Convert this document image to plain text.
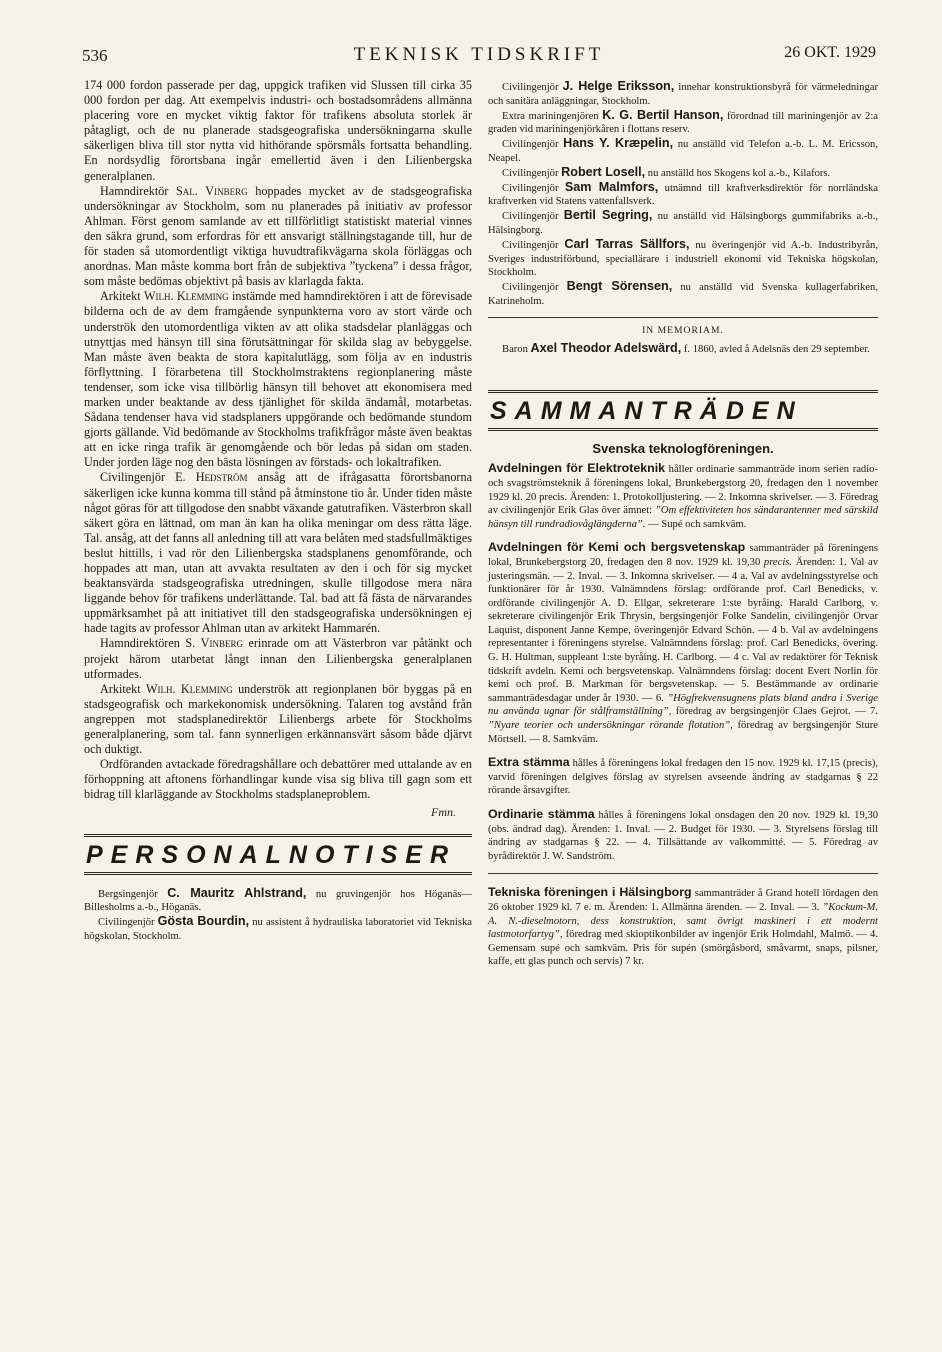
536	TEKNISK TIDSKRIFT	26 OKT. 1929

174 000 fordon passerade per dag, uppgick trafiken vid Slussen till cirka 35 000 fordon per dag. Att exempelvis industri- och bostadsområdens allmänna placering vore en mycket viktig faktor för trafikens absoluta storlek är påtagligt, och de nu planerade stadsgeografiska undersökningarna skulle säkerligen bliva till stor nytta vid hithörande spörsmåls fortsatta behandling. En nordsydlig förortsbana ingår emellertid även i den Lilienbergska generalplanen.

Hamndirektör Sal. Vinberg hoppades mycket av de stadsgeografiska undersökningar av Stockholm, som nu planerades på initiativ av professor Ahlman. Först genom samlande av ett tillförlitligt statistiskt material vinnes den säkra grund, som erfordras för ett ansvarigt ställningstagande till, hur de för staden så utomordentligt viktiga huvudtrafikvägarna skola förläggas och anordnas. Man måste komma bort från de subjektiva ”tyckena” i dessa frågor, som måste bedömas objektivt på basis av klarlagda fakta.

Arkitekt Wilh. Klemming instämde med hamndirektören i att de förevisade bilderna och de av dem framgående synpunkterna voro av stort värde och underströk den utomordentliga vikten av att olika stadsdelar planläggas och utnyttjas med hänsyn till sina förutsättningar för skilda slag av bebyggelse. Man måste även beakta de stora kapitalutlägg, som följa av en industris förflyttning. I förarbetena till Stockholmstraktens regionplanering måste tendenser, som icke visa tillbörlig hänsyn till behovet att ekonomisera med marken under beaktande av dess tjänlighet för skilda ändamål, motarbetas. Sådana tendenser hava vid stadsplaners uppgörande och bedömande stundom gjorts gällande. Vid bedömande av Stockholms trafikfrågor måste även beaktas att en icke ringa trafik är genomgående och bör ledas på sidan om staden. Under jorden läge nog den bästa lösningen av förstads- och lokaltrafiken.

Civilingenjör E. Hedström ansåg att de ifrågasatta förortsbanorna säkerligen icke kunna komma till stånd på åtminstone tio år. Under tiden måste något göras för att tillgodose den snabbt växande gatutrafiken. Västerbron skall säkert göra en lättnad, om man än kan ha olika meningar om dess rätta läge. Tal. ansåg, att det fanns all anledning till att vara belåten med stadsfullmäktiges beslut hittills, i vad rör den Lilienbergska stadsplanens genomförande, och hoppades att man, utan att avvakta resultaten av den i och för sig mycket beaktansvärda stadsgeografiska utredningen, skulle tillgodose mera nära liggande behov för trafikens underlättande. Tal. bad att få fästa de närvarandes uppmärksamhet på att initiativet till den stadsgeografiska undersökningen ej hade tagits av professor Ahlman utan av arkitekt Hammarén.

Hamndirektören S. Vinberg erinrade om att Västerbron var påtänkt och projekt härom utarbetat långt innan den Lilienbergska generalplanen utformades.

Arkitekt Wilh. Klemming underströk att regionplanen bör byggas på en stadsgeografisk och markekonomisk undersökning. Talaren tog avstånd från angreppen mot stadsplanedirektör Lilienbergs arbete för Stockholms generalplanering, som tal. fann synnerligen erkännansvärt såsom både djärvt och duktigt.

Ordföranden avtackade föredragshållare och debattörer med uttalande av en förhoppning att aftonens förhandlingar kunde visa sig bliva till gagn som ett bidrag till klarläggande av Stockholms stadsplaneproblem.

Fmn.
PERSONALNOTISER

Bergsingenjör C. Mauritz Ahlstrand, nu gruvingenjör hos Höganäs—Billesholms a.-b., Höganäs.

Civilingenjör Gösta Bourdin, nu assistent å hydrauliska laboratoriet vid Tekniska högskolan, Stockholm.

Civilingenjör J. Helge Eriksson, innehar konstruktionsbyrå för värmeledningar och sanitära anläggningar, Stockholm.

Extra mariningenjören K. G. Bertil Hanson, förordnad till mariningenjör av 2:a graden vid mariningenjörkåren i flottans reserv.

Civilingenjör Hans Y. Kræpelin, nu anställd vid Telefon a.-b. L. M. Ericsson, Neapel.

Civilingenjör Robert Losell, nu anställd hos Skogens kol a.-b., Kilafors.

Civilingenjör Sam Malmfors, utnämnd till kraftverksdirektör för norrländska kraftverken vid Statens vattenfallsverk.

Civilingenjör Bertil Segring, nu anställd vid Hälsingborgs gummifabriks a.-b., Hälsingborg.

Civilingenjör Carl Tarras Sällfors, nu överingenjör vid A.-b. Industribyrån, Sveriges industriförbund, speciallärare i industriell ekonomi vid Tekniska högskolan, Stockholm.

Civilingenjör Bengt Sörensen, nu anställd vid Svenska kullagerfabriken, Katrineholm.

IN MEMORIAM.

Baron Axel Theodor Adelswärd, f. 1860, avled å Adelsnäs den 29 september.

SAMMANTRÄDEN
Svenska teknologföreningen.
Avdelningen för Elektroteknik håller ordinarie sammanträde inom serien radio- och svagströmsteknik å föreningens lokal, Brunkebergstorg 20, fredagen den 1 november 1929 kl. 20 precis. Ärenden: 1. Protokolljustering. — 2. Inkomna skrivelser. — 3. Föredrag av civilingenjör Erik Glas över ämnet: ”Om effektiviteten hos sändarantenner med särskild hänsyn till rundradiovåglängderna”. — Supé och samkväm.
Avdelningen för Kemi och bergsvetenskap sammanträder på föreningens lokal, Brunkebergstorg 20, fredagen den 8 nov. 1929 kl. 19,30 precis. Ärenden: 1. Val av justeringsmän. — 2. Inval. — 3. Inkomna skrivelser. — 4 a. Val av avdelningsstyrelse och funktionärer för år 1930. Valnämndens förslag: ordförande prof. Carl Benedicks, v. ordförande civilingenjör A. D. Ellgar, sekreterare 1:ste byråing. Harald Carlborg, v. sekreterare civilingenjör Erik Thrysin, bergsingenjör Folke Sandelin, civilingenjör Orvar Laquist, disponent Janne Kempe, överingenjör Edvard Schön. — 4 b. Val av avdelningens representanter i föreningens styrelse. Valnämndens förslag: prof. Carl Benedicks, övering. G. H. Hultman, suppleant 1:ste byråing. H. Carlborg. — 4 c. Val av redaktörer för Teknisk tidskrift avdeln. Kemi och bergsvetenskap. Valnämndens förslag: docent Evert Norlin för kemi och prof. B. Markman för bergsvetenskap. — 5. Bestämmande av ordinarie sammanträdesdagar under år 1930. — 6. ”Högfrekvensugnens plats bland andra i Sverige nu använda ugnar för stålframställning”, föredrag av bergsingenjör Claes Gejrot. — 7. ”Nyare teorier och undersökningar rörande flotation”, föredrag av bergsingenjör Sture Mörtsell. — 8. Samkväm.
Extra stämma hålles å föreningens lokal fredagen den 15 nov. 1929 kl. 17,15 (precis), varvid föreningen delgives förslag av styrelsen avseende ändring av stadgarnas § 22 rörande årsavgifter.
Ordinarie stämma hålles å föreningens lokal onsdagen den 20 nov. 1929 kl. 19,30 (obs. ändrad dag). Ärenden: 1. Inval. — 2. Budget för 1930. — 3. Styrelsens förslag till ändring av stadgarnas § 22. — 4. Tillsättande av valkommitté. — 5. Föredrag av byrådirektör J. W. Sandström.
Tekniska föreningen i Hälsingborg sammanträder å Grand hotell lördagen den 26 oktober 1929 kl. 7 e. m. Ärenden: 1. Allmänna ärenden. — 2. Inval. — 3. ”Kockum-M. A. N.-dieselmotorn, dess konstruktion, samt övrigt maskineri i ett modernt lastmotorfartyg”, föredrag med skioptikonbilder av ingenjör Erik Holmdahl, Malmö. — 4. Gemensam supé och samkväm. Pris för supén (smörgåsbord, småvarmt, snaps, pilsner, kaffe, ett glas punch och servis) 7 kr.
